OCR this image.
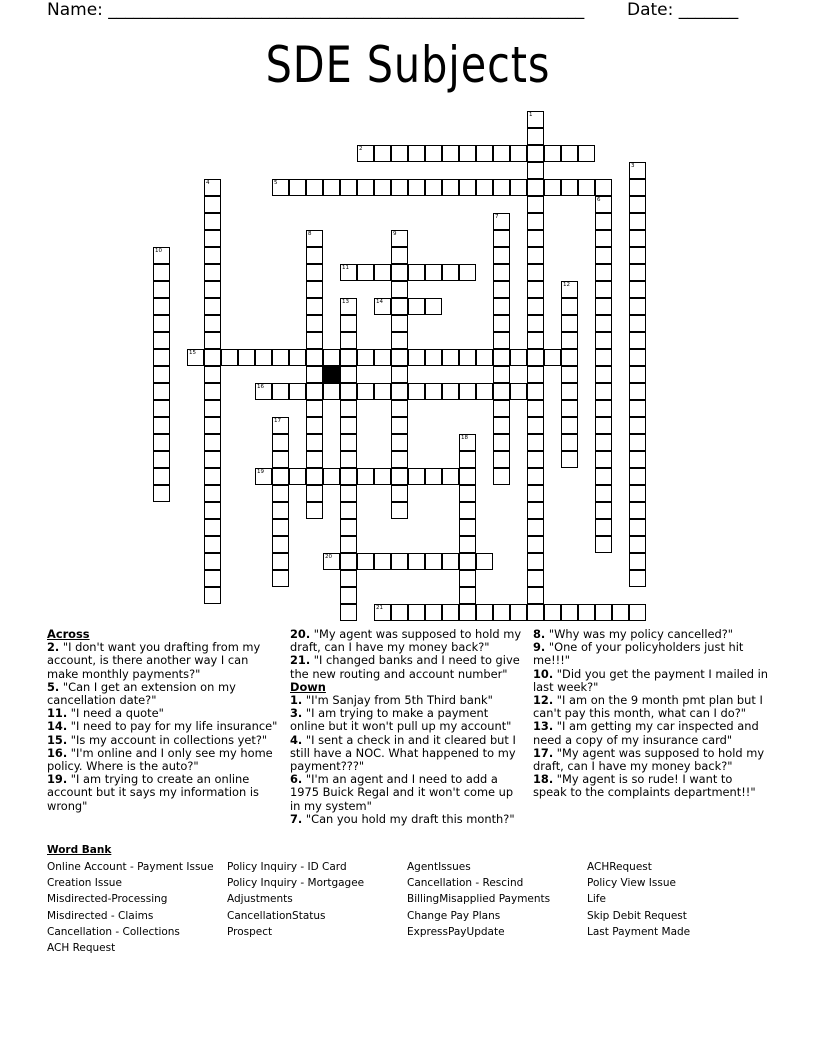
Name: ________________________________________________________	Date: _______
SDE Subjects
1
2
3
4	5
6
7
8	9
10
11
12
13	14
15
16
17
18
19
20
21
Across
2. "I don't want you drafting from my account, is there another way I can make monthly payments?"
5. "Can I get an extension on my cancellation date?"
11. "I need a quote"
14. "I need to pay for my life insurance"
15. "Is my account in collections yet?"
16. "I'm online and I only see my home policy. Where is the auto?"
19. "I am trying to create an online account but it says my information is wrong"
20. "My agent was supposed to hold my draft, can I have my money back?"
21. "I changed banks and I need to give the new routing and account number"
Down
1. "I'm Sanjay from 5th Third bank"
3. "I am trying to make a payment online but it won't pull up my account"
4. "I sent a check in and it cleared but I still have a NOC. What happened to my payment???"
6. "I'm an agent and I need to add a 1975 Buick Regal and it won't come up in my system"
7. "Can you hold my draft this month?"
8. "Why was my policy cancelled?"
9. "One of your policyholders just hit me!!!"
10. "Did you get the payment I mailed in last week?"
12. "I am on the 9 month pmt plan but I can't pay this month, what can I do?"
13. "I am getting my car inspected and need a copy of my insurance card"
17. "My agent was supposed to hold my draft, can I have my money back?"
18. "My agent is so rude! I want to speak to the complaints department!!"
Word Bank
Online Account - Payment Issue
Creation Issue
Misdirected-Processing
Misdirected - Claims
Cancellation - Collections
ACH Request
Policy Inquiry - ID Card
Policy Inquiry - Mortgagee
Adjustments
CancellationStatus
Prospect
AgentIssues
Cancellation - Rescind
BillingMisapplied Payments
Change Pay Plans
ExpressPayUpdate
ACHRequest
Policy View Issue
Life
Skip Debit Request
Last Payment Made
